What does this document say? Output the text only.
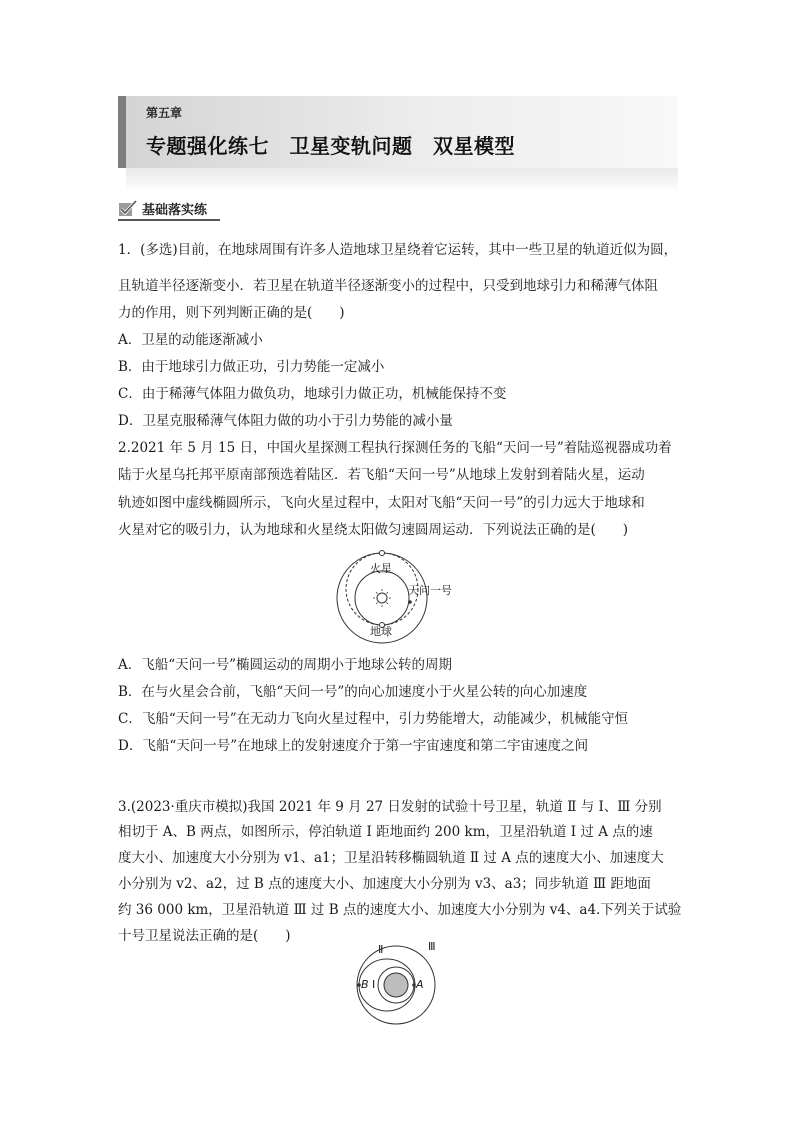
第五章
专题强化练七　卫星变轨问题　双星模型
基础落实练
1．(多选)目前，在地球周围有许多人造地球卫星绕着它运转，其中一些卫星的轨道近似为圆，
且轨道半径逐渐变小．若卫星在轨道半径逐渐变小的过程中，只受到地球引力和稀薄气体阻
力的作用，则下列判断正确的是(　　)
A．卫星的动能逐渐减小
B．由于地球引力做正功，引力势能一定减小
C．由于稀薄气体阻力做负功，地球引力做正功，机械能保持不变
D．卫星克服稀薄气体阻力做的功小于引力势能的减小量
2.2021 年 5 月 15 日，中国火星探测工程执行探测任务的飞船“天问一号”着陆巡视器成功着
陆于火星乌托邦平原南部预选着陆区．若飞船“天问一号”从地球上发射到着陆火星，运动
轨迹如图中虚线椭圆所示，飞向火星过程中，太阳对飞船“天问一号”的引力远大于地球和
火星对它的吸引力，认为地球和火星绕太阳做匀速圆周运动．下列说法正确的是(　　)
火星
天问一号
地球
A．飞船“天问一号”椭圆运动的周期小于地球公转的周期
B．在与火星会合前，飞船“天问一号”的向心加速度小于火星公转的向心加速度
C．飞船“天问一号”在无动力飞向火星过程中，引力势能增大，动能减少，机械能守恒
D．飞船“天问一号”在地球上的发射速度介于第一宇宙速度和第二宇宙速度之间
3.(2023·重庆市模拟)我国 2021 年 9 月 27 日发射的试验十号卫星，轨道 Ⅱ 与 Ⅰ、Ⅲ 分别
相切于 A、B 两点，如图所示，停泊轨道 Ⅰ 距地面约 200 km，卫星沿轨道 Ⅰ 过 A 点的速
度大小、加速度大小分别为 v1、a1；卫星沿转移椭圆轨道 Ⅱ 过 A 点的速度大小、加速度大
小分别为 v2、a2，过 B 点的速度大小、加速度大小分别为 v3、a3；同步轨道 Ⅲ 距地面
约 36 000 km，卫星沿轨道 Ⅲ 过 B 点的速度大小、加速度大小分别为 v4、a4.下列关于试验
十号卫星说法正确的是(　　)
Ⅱ	Ⅲ
B Ⅰ	A
